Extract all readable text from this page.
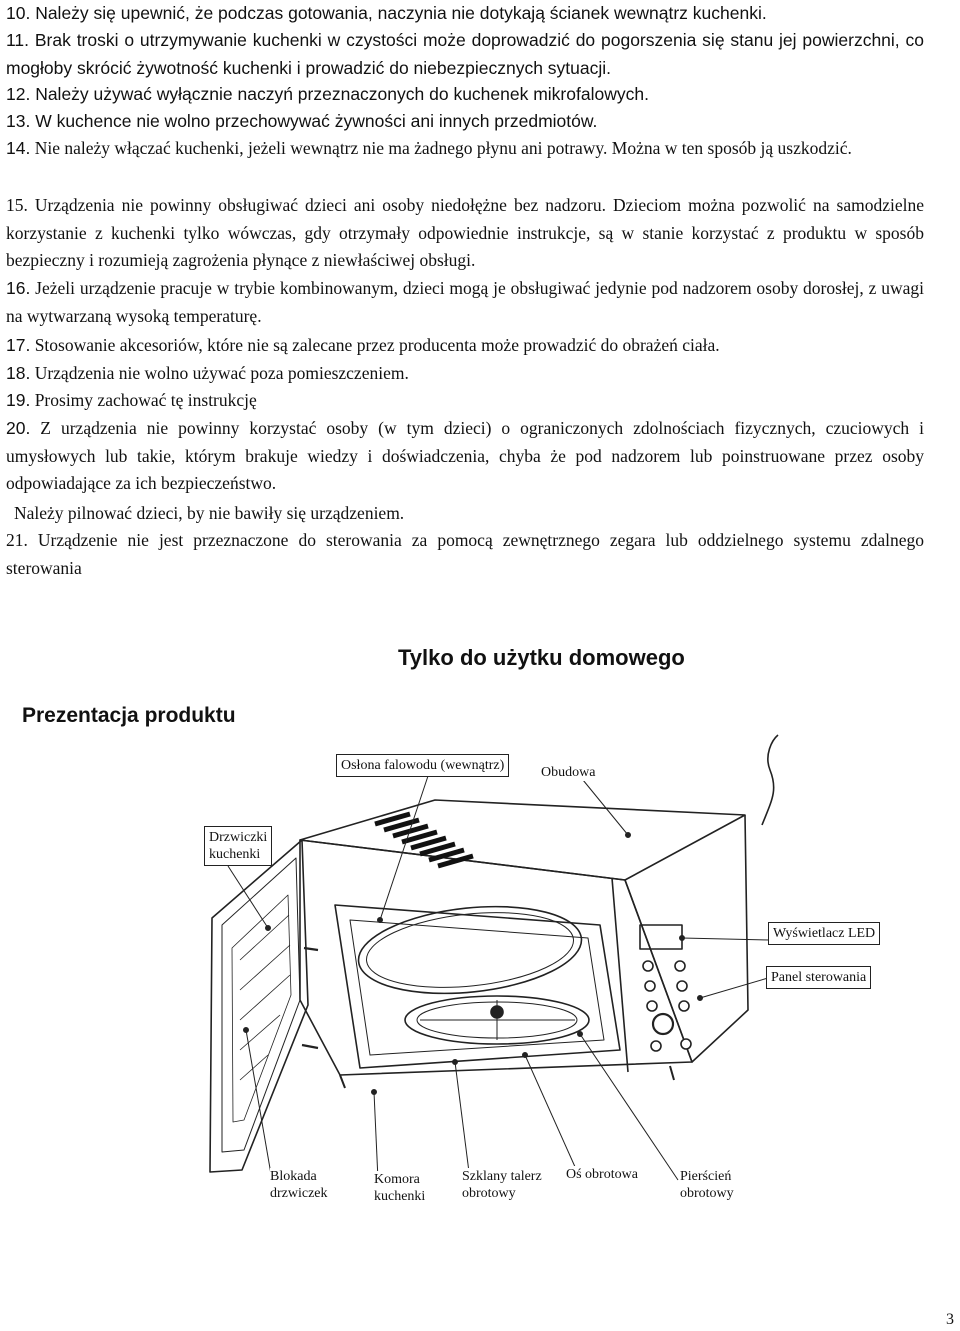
10. Należy się upewnić, że podczas gotowania, naczynia nie dotykają ścianek wewnątrz kuchenki.

11. Brak troski o utrzymywanie kuchenki w czystości może doprowadzić do pogorszenia się stanu jej powierzchni, co mogłoby skrócić żywotność kuchenki i prowadzić do niebezpiecznych sytuacji.

12. Należy używać wyłącznie naczyń przeznaczonych do kuchenek mikrofalowych.

13. W kuchence nie wolno przechowywać żywności ani innych przedmiotów.

14. Nie należy włączać kuchenki, jeżeli wewnątrz nie ma żadnego płynu ani potrawy. Można w ten sposób ją uszkodzić.

15. Urządzenia nie powinny obsługiwać dzieci ani osoby niedołężne bez nadzoru. Dzieciom można pozwolić na samodzielne korzystanie z kuchenki tylko wówczas, gdy otrzymały odpowiednie instrukcje, są w stanie korzystać z produktu w sposób bezpieczny i rozumieją zagrożenia płynące z niewłaściwej obsługi.

16. Jeżeli urządzenie pracuje w trybie kombinowanym, dzieci mogą je obsługiwać jedynie pod nadzorem osoby dorosłej, z uwagi na wytwarzaną wysoką temperaturę.

17. Stosowanie akcesoriów, które nie są zalecane przez producenta może prowadzić do obrażeń ciała.

18. Urządzenia nie wolno używać poza pomieszczeniem.

19. Prosimy zachować tę instrukcję

20. Z urządzenia nie powinny korzystać osoby (w tym dzieci) o ograniczonych zdolnościach fizycznych, czuciowych i umysłowych lub takie, którym brakuje wiedzy i doświadczenia, chyba że pod nadzorem lub poinstruowane przez osoby odpowiadające za ich bezpieczeństwo.

Należy pilnować dzieci, by nie bawiły się urządzeniem.

21. Urządzenie nie jest przeznaczone do sterowania za pomocą zewnętrznego zegara lub oddzielnego systemu zdalnego sterowania

Tylko do użytku domowego
Prezentacja produktu
Osłona falowodu (wewnątrz)	Obudowa
Drzwiczki
kuchenki
Wyświetlacz LED
Panel sterowania
Blokada
drzwiczek
Komora
kuchenki
Szklany talerz
obrotowy
Oś obrotowa	Pierścień
obrotowy
3
